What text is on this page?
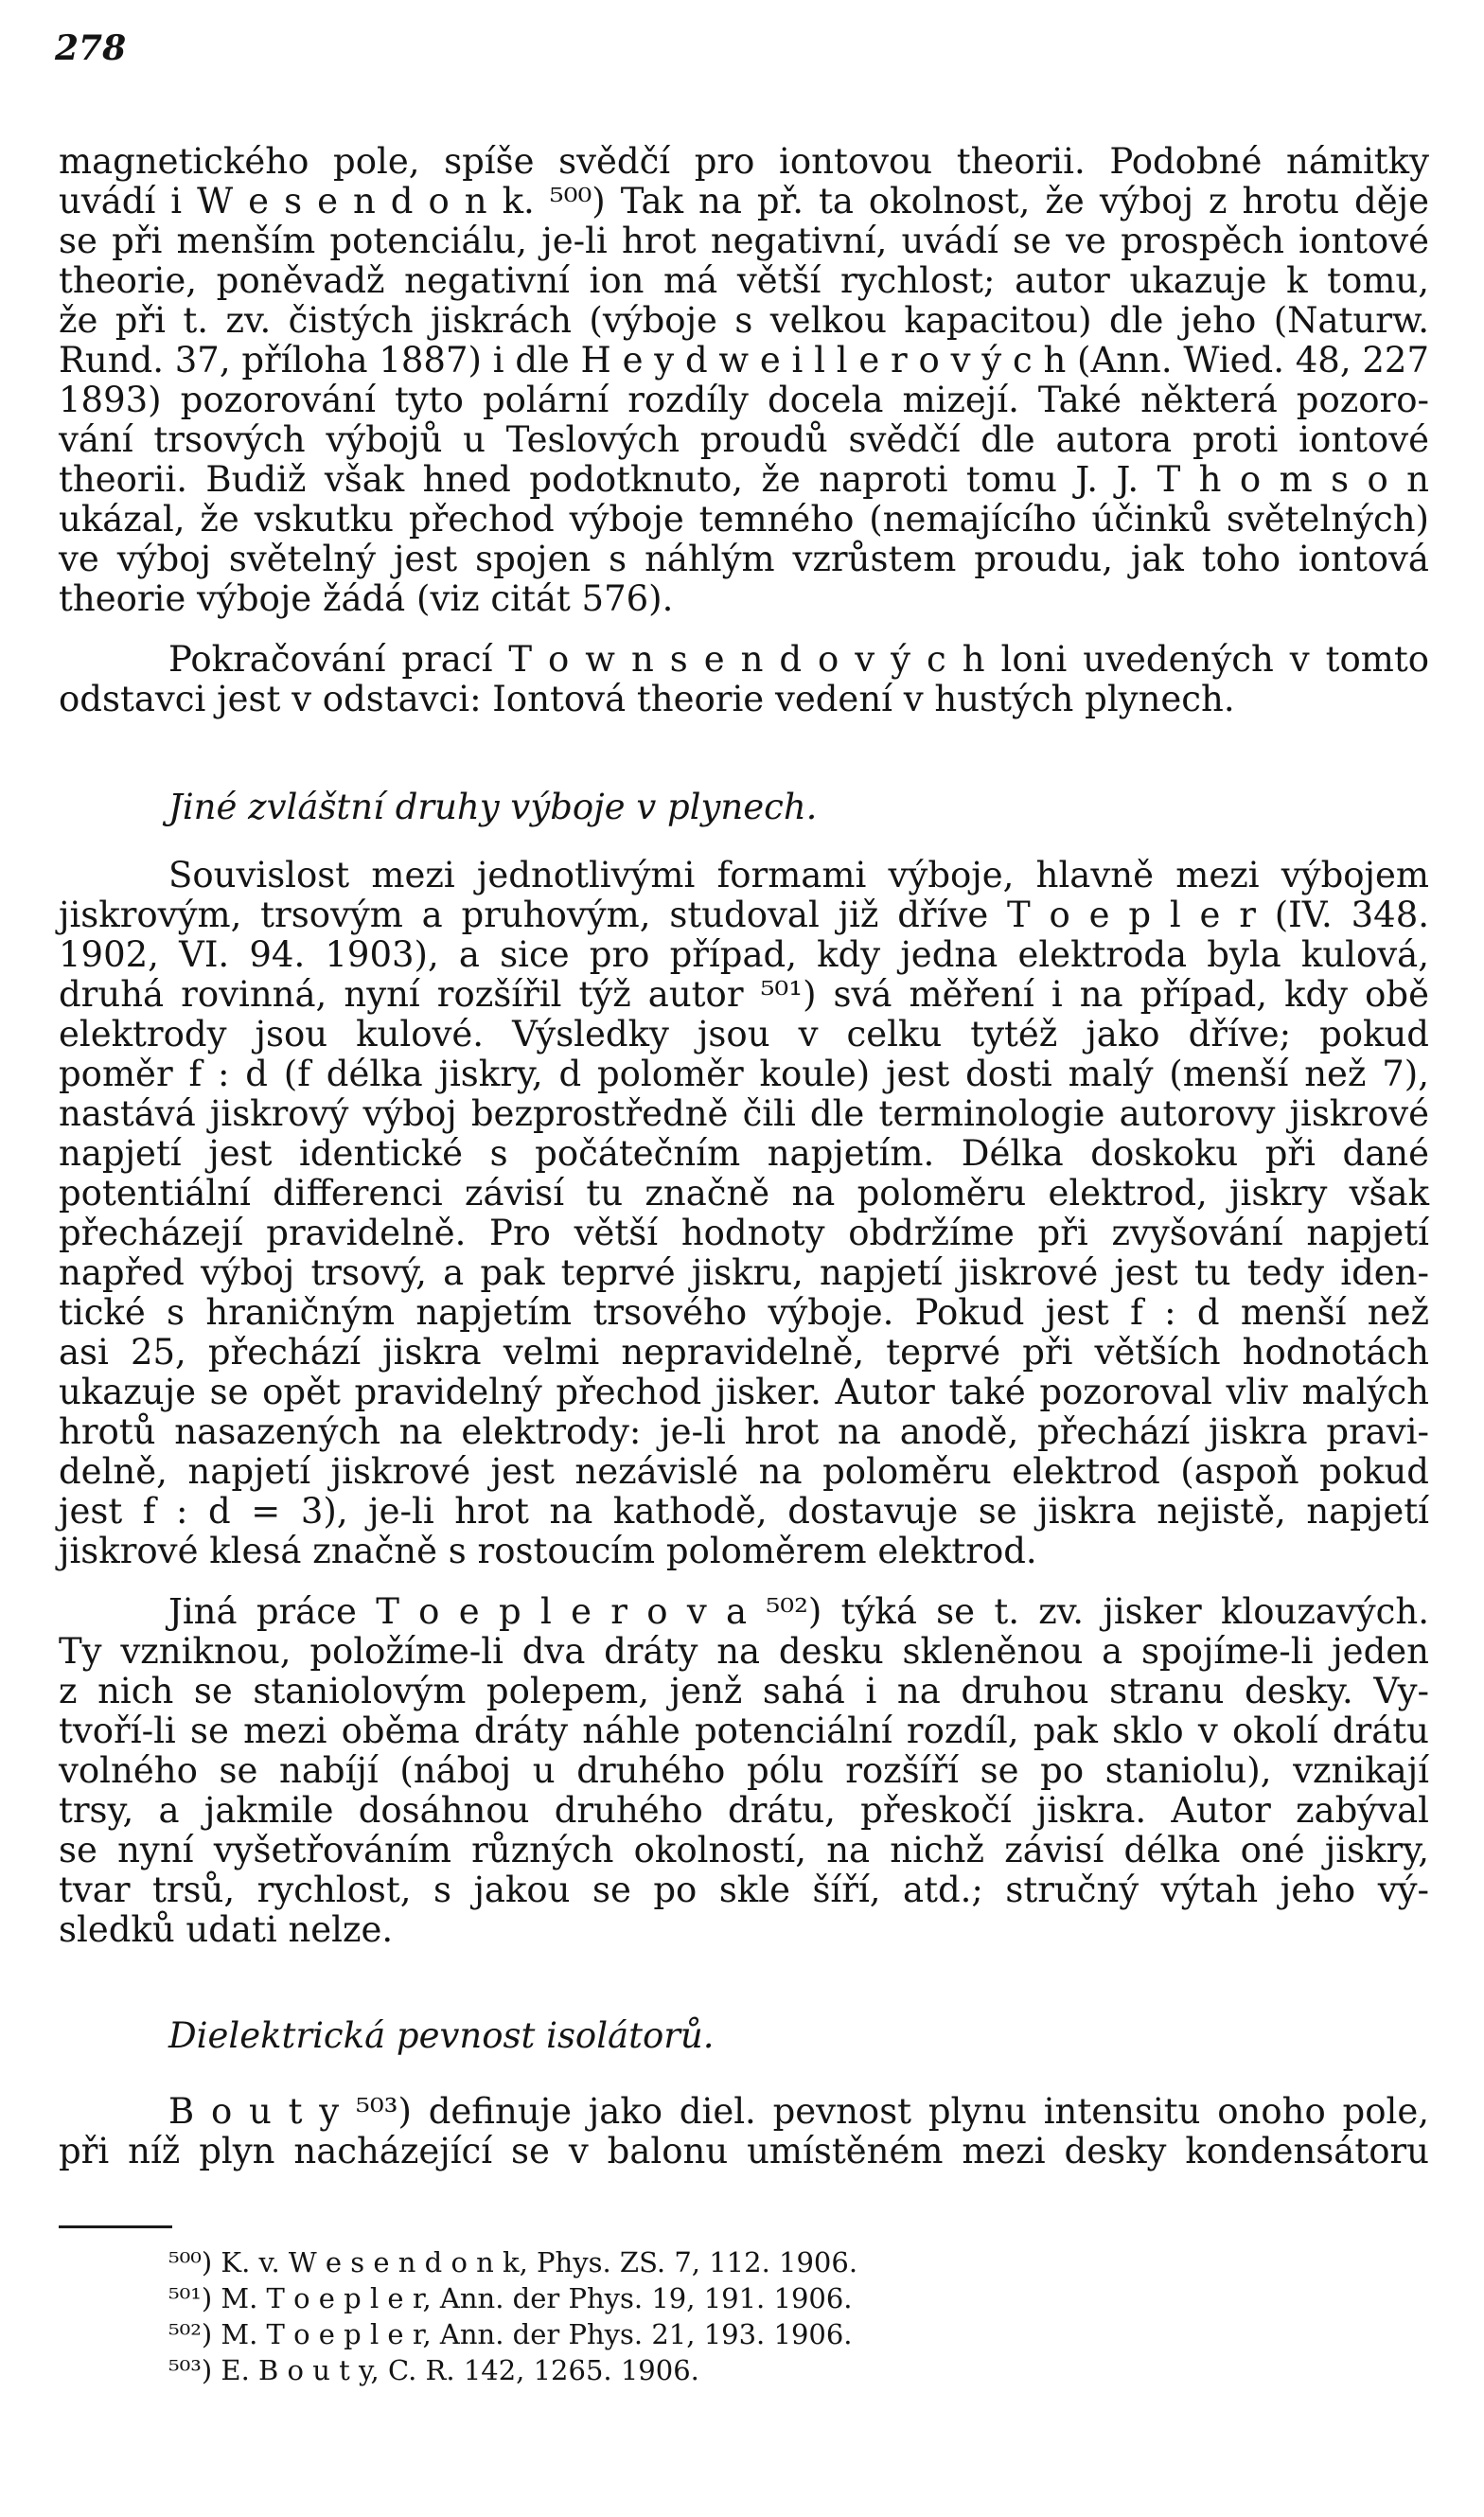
278
magnetického pole, spíše svědčí pro iontovou theorii. Podobné námitky
uvádí i W e s e n d o n k. ⁵⁰⁰) Tak na př. ta okolnost, že výboj z hrotu děje
se při menším potenciálu, je-li hrot negativní, uvádí se ve prospěch iontové
theorie, poněvadž negativní ion má větší rychlost; autor ukazuje k tomu,
že při t. zv. čistých jiskrách (výboje s velkou kapacitou) dle jeho (Naturw.
Rund. 37, příloha 1887) i dle H e y d w e i l l e r o v ý c h (Ann. Wied. 48, 227
1893) pozorování tyto polární rozdíly docela mizejí. Také některá pozoro-
vání trsových výbojů u Teslových proudů svědčí dle autora proti iontové
theorii. Budiž však hned podotknuto, že naproti tomu J. J. T h o m s o n
ukázal, že vskutku přechod výboje temného (nemajícího účinků světelných)
ve výboj světelný jest spojen s náhlým vzrůstem proudu, jak toho iontová
theorie výboje žádá (viz citát 576).
Pokračování prací T o w n s e n d o v ý c h loni uvedených v tomto
odstavci jest v odstavci: Iontová theorie vedení v hustých plynech.
Jiné zvláštní druhy výboje v plynech.
Souvislost mezi jednotlivými formami výboje, hlavně mezi výbojem
jiskrovým, trsovým a pruhovým, studoval již dříve T o e p l e r (IV. 348.
1902, VI. 94. 1903), a sice pro případ, kdy jedna elektroda byla kulová,
druhá rovinná, nyní rozšířil týž autor ⁵⁰¹) svá měření i na případ, kdy obě
elektrody jsou kulové. Výsledky jsou v celku tytéž jako dříve; pokud
poměr f : d (f délka jiskry, d poloměr koule) jest dosti malý (menší než 7),
nastává jiskrový výboj bezprostředně čili dle terminologie autorovy jiskrové
napjetí jest identické s počátečním napjetím. Délka doskoku při dané
potentiální differenci závisí tu značně na poloměru elektrod, jiskry však
přecházejí pravidelně. Pro větší hodnoty obdržíme při zvyšování napjetí
napřed výboj trsový, a pak teprvé jiskru, napjetí jiskrové jest tu tedy iden-
tické s hraničným napjetím trsového výboje. Pokud jest f : d menší než
asi 25, přechází jiskra velmi nepravidelně, teprvé při větších hodnotách
ukazuje se opět pravidelný přechod jisker. Autor také pozoroval vliv malých
hrotů nasazených na elektrody: je-li hrot na anodě, přechází jiskra pravi-
delně, napjetí jiskrové jest nezávislé na poloměru elektrod (aspoň pokud
jest f : d = 3), je-li hrot na kathodě, dostavuje se jiskra nejistě, napjetí
jiskrové klesá značně s rostoucím poloměrem elektrod.
Jiná práce T o e p l e r o v a ⁵⁰²) týká se t. zv. jisker klouzavých.
Ty vzniknou, položíme-li dva dráty na desku skleněnou a spojíme-li jeden
z nich se staniolovým polepem, jenž sahá i na druhou stranu desky. Vy-
tvoří-li se mezi oběma dráty náhle potenciální rozdíl, pak sklo v okolí drátu
volného se nabíjí (náboj u druhého pólu rozšíří se po staniolu), vznikají
trsy, a jakmile dosáhnou druhého drátu, přeskočí jiskra. Autor zabýval
se nyní vyšetřováním různých okolností, na nichž závisí délka oné jiskry,
tvar trsů, rychlost, s jakou se po skle šíří, atd.; stručný výtah jeho vý-
sledků udati nelze.
Dielektrická pevnost isolátorů.
B o u t y ⁵⁰³) definuje jako diel. pevnost plynu intensitu onoho pole,
při níž plyn nacházející se v balonu umístěném mezi desky kondensátoru
⁵⁰⁰) K. v. W e s e n d o n k, Phys. ZS. 7, 112. 1906.
⁵⁰¹) M. T o e p l e r, Ann. der Phys. 19, 191. 1906.
⁵⁰²) M. T o e p l e r, Ann. der Phys. 21, 193. 1906.
⁵⁰³) E. B o u t y, C. R. 142, 1265. 1906.
